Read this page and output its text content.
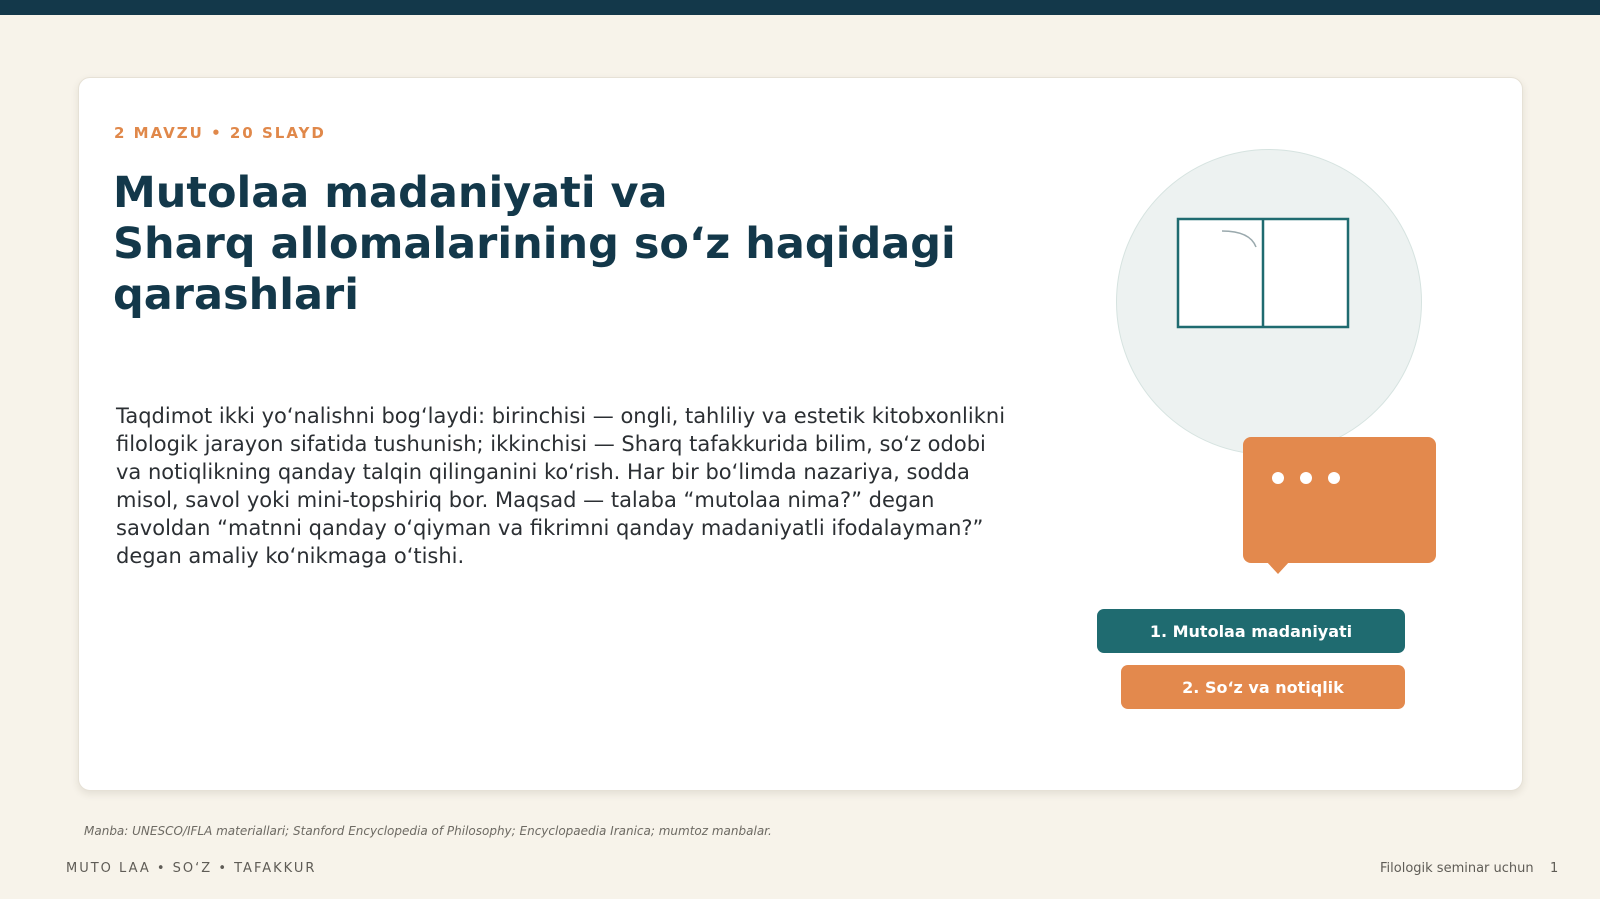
2 MAVZU • 20 SLAYD
Mutolaa madaniyati va
Sharq allomalarining so‘z haqidagi
qarashlari

Taqdimot ikki yo‘nalishni bog‘laydi: birinchisi — ongli, tahliliy va estetik kitobxonlikni filologik jarayon sifatida tushunish; ikkinchisi — Sharq tafakkurida bilim, so‘z odobi va notiqlikning qanday talqin qilinganini ko‘rish. Har bir bo‘limda nazariya, sodda misol, savol yoki mini-topshiriq bor. Maqsad — talaba “mutolaa nima?” degan savoldan “matnni qanday o‘qiyman va fikrimni qanday madaniyatli ifodalayman?” degan amaliy ko‘nikmaga o‘tishi.

1. Mutolaa madaniyati
2. So‘z va notiqlik
Manba: UNESCO/IFLA materiallari; Stanford Encyclopedia of Philosophy; Encyclopaedia Iranica; mumtoz manbalar.
MUTO LAA • SO‘Z • TAFAKKUR	Filologik seminar uchun 1
